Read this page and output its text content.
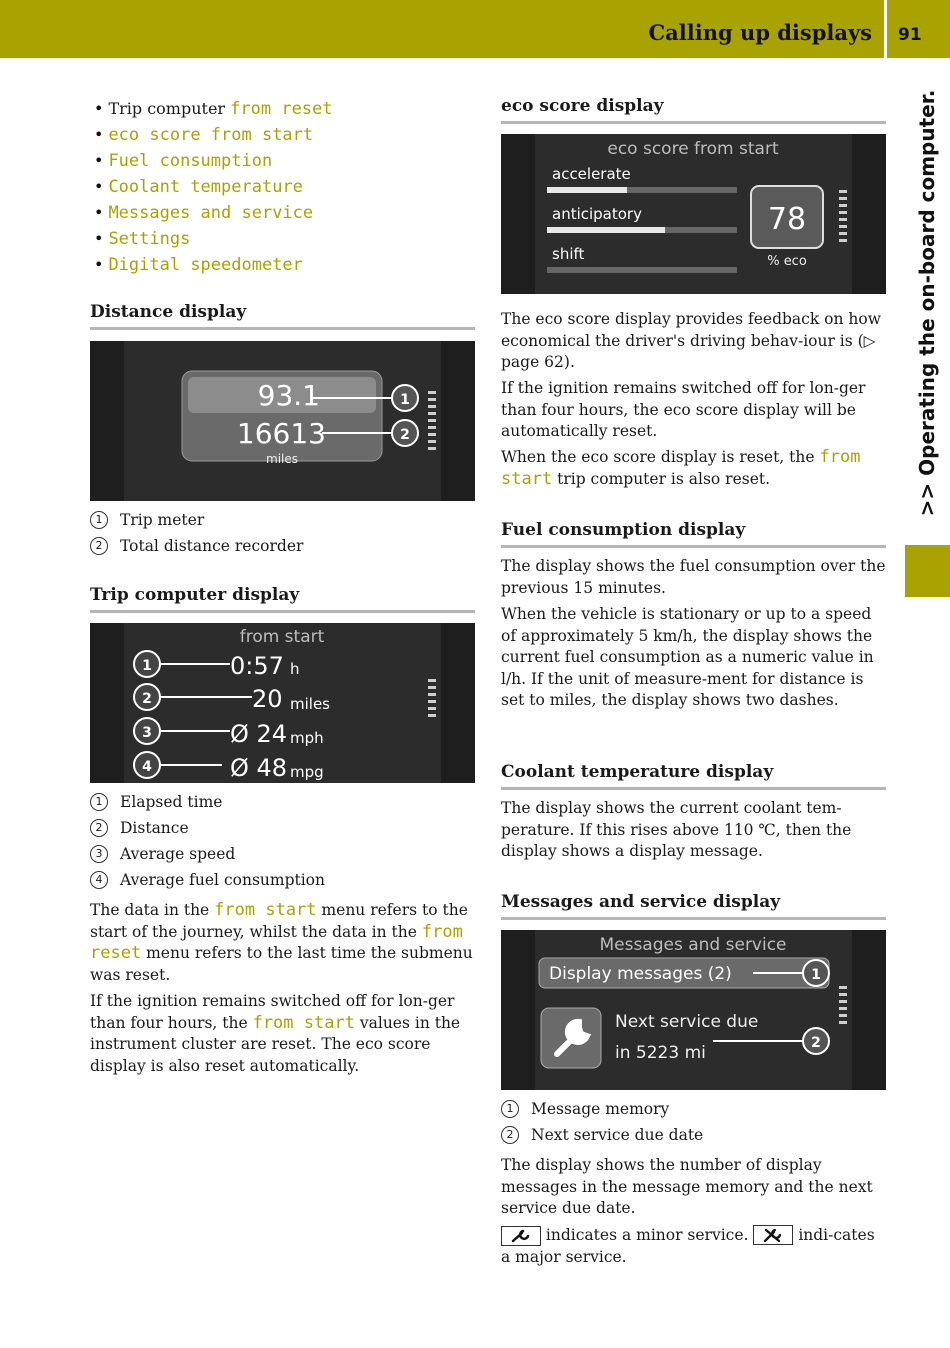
Calling up displays 91
>> Operating the on-board computer.
• Trip computer from reset
• eco score from start
• Fuel consumption
• Coolant temperature
• Messages and service
• Settings
• Digital speedometer
Distance display
93.1
16613
miles
1
2
1	Trip meter
2	Total distance recorder
Trip computer display
from start
1	0:57 h
2	20 miles
3	Ø 24 mph
4	Ø 48 mpg
1	Elapsed time
2	Distance
3	Average speed
4	Average fuel consumption

The data in the from start menu refers to the start of the journey, whilst the data in the from reset menu refers to the last time the submenu was reset.

If the ignition remains switched off for lon-ger than four hours, the from start values in the instrument cluster are reset. The eco score display is also reset automatically.

eco score display
eco score from start
accelerate
anticipatory
shift
78
% eco

The eco score display provides feedback on how economical the driver's driving behav-iour is (▷ page 62).

If the ignition remains switched off for lon-ger than four hours, the eco score display will be automatically reset.

When the eco score display is reset, the from start trip computer is also reset.

Fuel consumption display

The display shows the fuel consumption over the previous 15 minutes.

When the vehicle is stationary or up to a speed of approximately 5 km/h, the display shows the current fuel consumption as a numeric value in l/h. If the unit of measure-ment for distance is set to miles, the display shows two dashes.

Coolant temperature display

The display shows the current coolant tem-perature. If this rises above 110 ℃, then the display shows a display message.

Messages and service display
Messages and service
Display messages (2)	1
Next service due
in 5223 mi	2
1	Message memory
2	Next service due date

The display shows the number of display messages in the message memory and the next service due date.

indicates a minor service.	indi-cates a major service.
